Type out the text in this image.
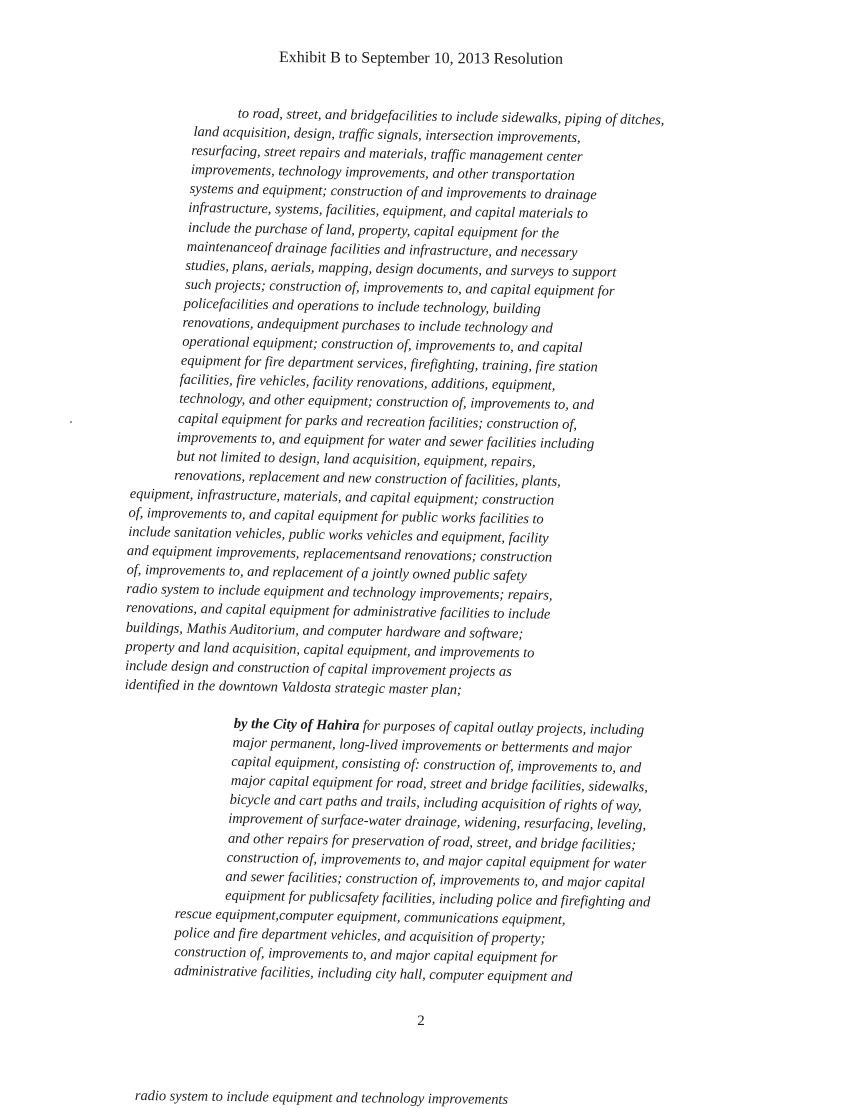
Exhibit B to September 10, 2013 Resolution
to road, street, and bridgefacilities to include sidewalks, piping of ditches,
land acquisition, design, traffic signals, intersection improvements,
resurfacing, street repairs and materials, traffic management center
improvements, technology improvements, and other transportation
systems and equipment; construction of and improvements to drainage
infrastructure, systems, facilities, equipment, and capital materials to
include the purchase of land, property, capital equipment for the
maintenanceof drainage facilities and infrastructure, and necessary
studies, plans, aerials, mapping, design documents, and surveys to support
such projects; construction of, improvements to, and capital equipment for
policefacilities and operations to include technology, building
renovations, andequipment purchases to include technology and
operational equipment; construction of, improvements to, and capital
equipment for fire department services, firefighting, training, fire station
facilities, fire vehicles, facility renovations, additions, equipment,
technology, and other equipment; construction of, improvements to, and
capital equipment for parks and recreation facilities; construction of,
improvements to, and equipment for water and sewer facilities including
but not limited to design, land acquisition, equipment, repairs,
renovations, replacement and new construction of facilities, plants,
equipment, infrastructure, materials, and capital equipment; construction
of, improvements to, and capital equipment for public works facilities to
include sanitation vehicles, public works vehicles and equipment, facility
and equipment improvements, replacementsand renovations; construction
of, improvements to, and replacement of a jointly owned public safety
radio system to include equipment and technology improvements; repairs,
renovations, and capital equipment for administrative facilities to include
buildings, Mathis Auditorium, and computer hardware and software;
property and land acquisition, capital equipment, and improvements to
include design and construction of capital improvement projects as
identified in the downtown Valdosta strategic master plan;
by the City of Hahira for purposes of capital outlay projects, including
major permanent, long-lived improvements or betterments and major
capital equipment, consisting of: construction of, improvements to, and
major capital equipment for road, street and bridge facilities, sidewalks,
bicycle and cart paths and trails, including acquisition of rights of way,
improvement of surface-water drainage, widening, resurfacing, leveling,
and other repairs for preservation of road, street, and bridge facilities;
construction of, improvements to, and major capital equipment for water
and sewer facilities; construction of, improvements to, and major capital
equipment for publicsafety facilities, including police and firefighting and
rescue equipment,computer equipment, communications equipment,
police and fire department vehicles, and acquisition of property;
construction of, improvements to, and major capital equipment for
administrative facilities, including city hall, computer equipment and
2
radio system to include equipment and technology improvements
